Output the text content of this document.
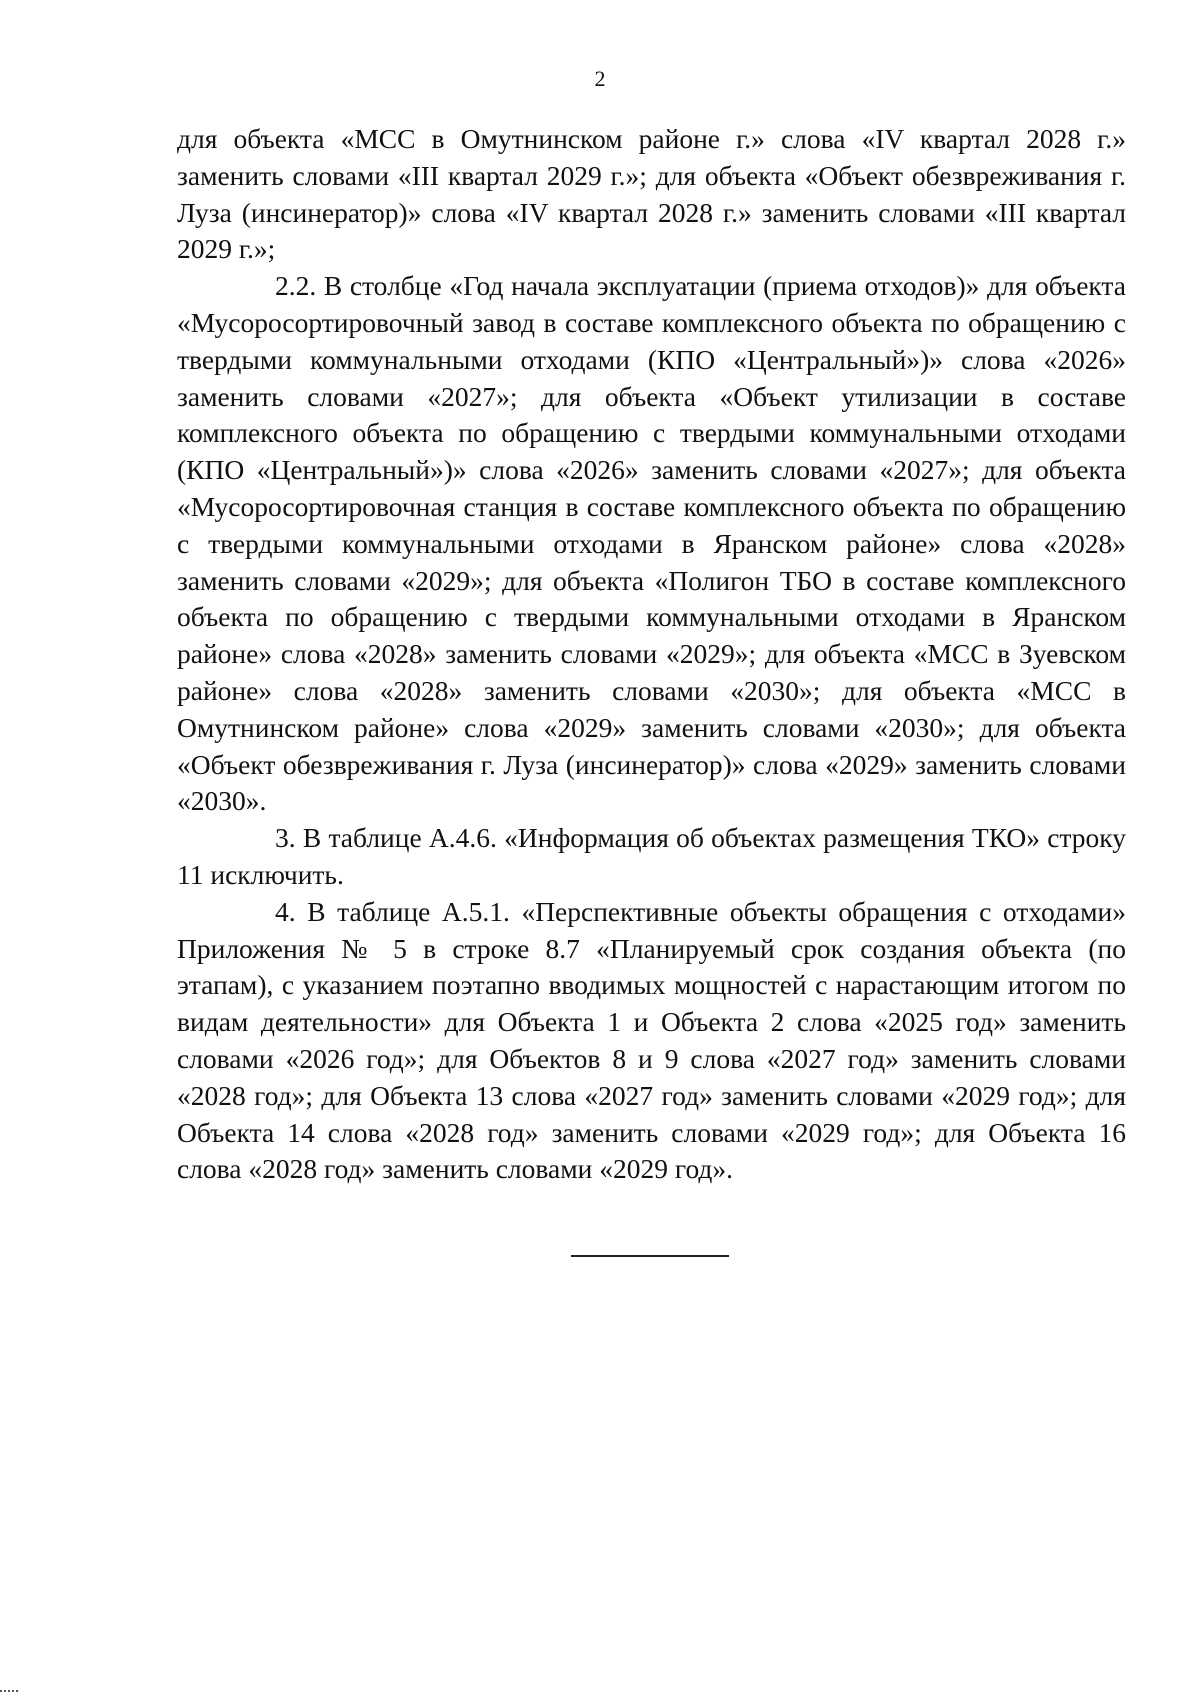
2

для объекта «МСС в Омутнинском районе г.» слова «IV квартал 2028 г.» заменить словами «III квартал 2029 г.»; для объекта «Объект обезвреживания г. Луза (инсинератор)» слова «IV квартал 2028 г.» заменить словами «III квартал 2029 г.»;

2.2. В столбце «Год начала эксплуатации (приема отходов)» для объекта «Мусоросортировочный завод в составе комплексного объекта по обращению с твердыми коммунальными отходами (КПО «Центральный»)» слова «2026» заменить словами «2027»; для объекта «Объект утилизации в составе комплексного объекта по обращению с твердыми коммунальными отходами (КПО «Центральный»)» слова «2026» заменить словами «2027»; для объекта «Мусоросортировочная станция в составе комплексного объекта по обращению с твердыми коммунальными отходами в Яранском районе» слова «2028» заменить словами «2029»; для объекта «Полигон ТБО в составе комплексного объекта по обращению с твердыми коммунальными отходами в Яранском районе» слова «2028» заменить словами «2029»; для объекта «МСС в Зуевском районе» слова «2028» заменить словами «2030»; для объекта «МСС в Омутнинском районе» слова «2029» заменить словами «2030»; для объекта «Объект обезвреживания г. Луза (инсинератор)» слова «2029» заменить словами «2030».

3. В таблице А.4.6. «Информация об объектах размещения ТКО» строку 11 исключить.

4. В таблице А.5.1. «Перспективные объекты обращения с отходами» Приложения № 5 в строке 8.7 «Планируемый срок создания объекта (по этапам), с указанием поэтапно вводимых мощностей с нарастающим итогом по видам деятельности» для Объекта 1 и Объекта 2 слова «2025 год» заменить словами «2026 год»; для Объектов 8 и 9 слова «2027 год» заменить словами «2028 год»; для Объекта 13 слова «2027 год» заменить словами «2029 год»; для Объекта 14 слова «2028 год» заменить словами «2029 год»; для Объекта 16 слова «2028 год» заменить словами «2029 год».
